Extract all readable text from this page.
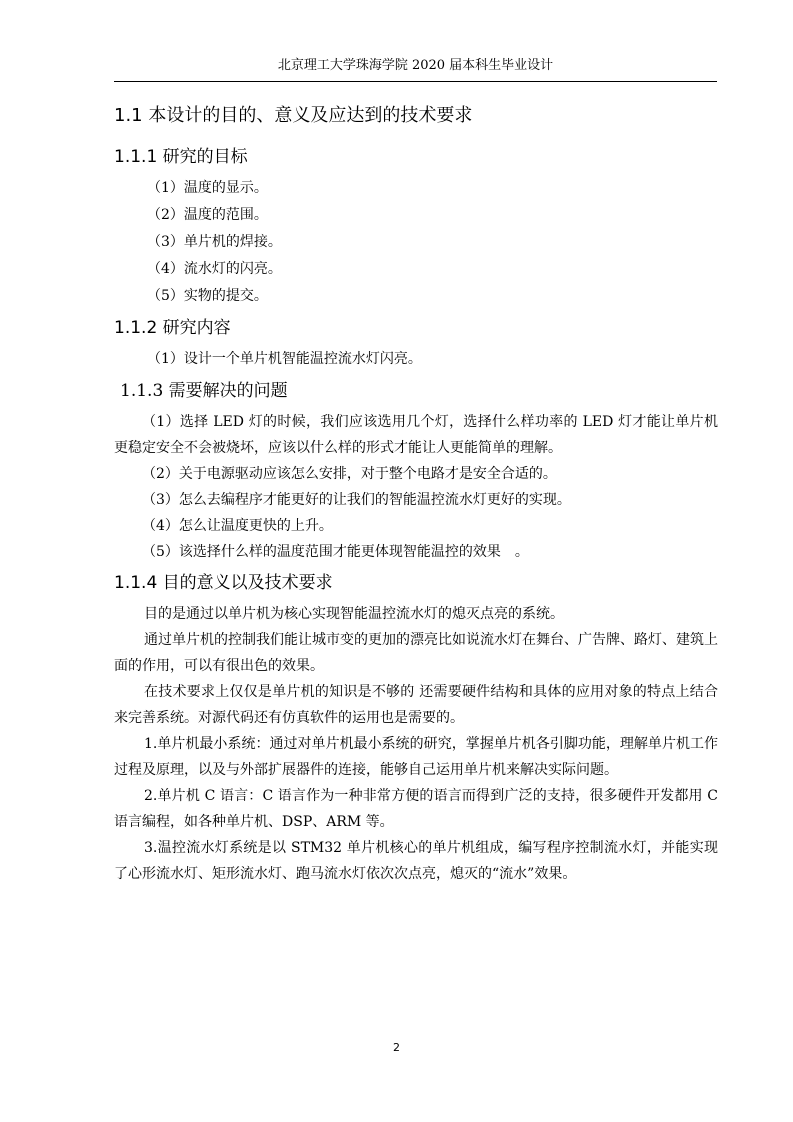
北京理工大学珠海学院 2020 届本科生毕业设计
1.1 本设计的目的、意义及应达到的技术要求
1.1.1 研究的目标
（1）温度的显示。
（2）温度的范围。
（3）单片机的焊接。
（4）流水灯的闪亮。
（5）实物的提交。
1.1.2 研究内容
（1）设计一个单片机智能温控流水灯闪亮。
1.1.3 需要解决的问题

（1）选择 LED 灯的时候，我们应该选用几个灯，选择什么样功率的 LED 灯才能让单片机更稳定安全不会被烧坏，应该以什么样的形式才能让人更能简单的理解。

（2）关于电源驱动应该怎么安排，对于整个电路才是安全合适的。

（3）怎么去编程序才能更好的让我们的智能温控流水灯更好的实现。

（4）怎么让温度更快的上升。

（5）该选择什么样的温度范围才能更体现智能温控的效果　。

1.1.4 目的意义以及技术要求

目的是通过以单片机为核心实现智能温控流水灯的熄灭点亮的系统。

通过单片机的控制我们能让城市变的更加的漂亮比如说流水灯在舞台、广告牌、路灯、建筑上面的作用，可以有很出色的效果。

在技术要求上仅仅是单片机的知识是不够的 还需要硬件结构和具体的应用对象的特点上结合来完善系统。对源代码还有仿真软件的运用也是需要的。

1.单片机最小系统：通过对单片机最小系统的研究，掌握单片机各引脚功能，理解单片机工作过程及原理，以及与外部扩展器件的连接，能够自己运用单片机来解决实际问题。

2.单片机 C 语言：C 语言作为一种非常方便的语言而得到广泛的支持，很多硬件开发都用 C 语言编程，如各种单片机、DSP、ARM 等。

3.温控流水灯系统是以 STM32 单片机核心的单片机组成，编写程序控制流水灯，并能实现了心形流水灯、矩形流水灯、跑马流水灯依次次点亮，熄灭的“流水”效果。

2
